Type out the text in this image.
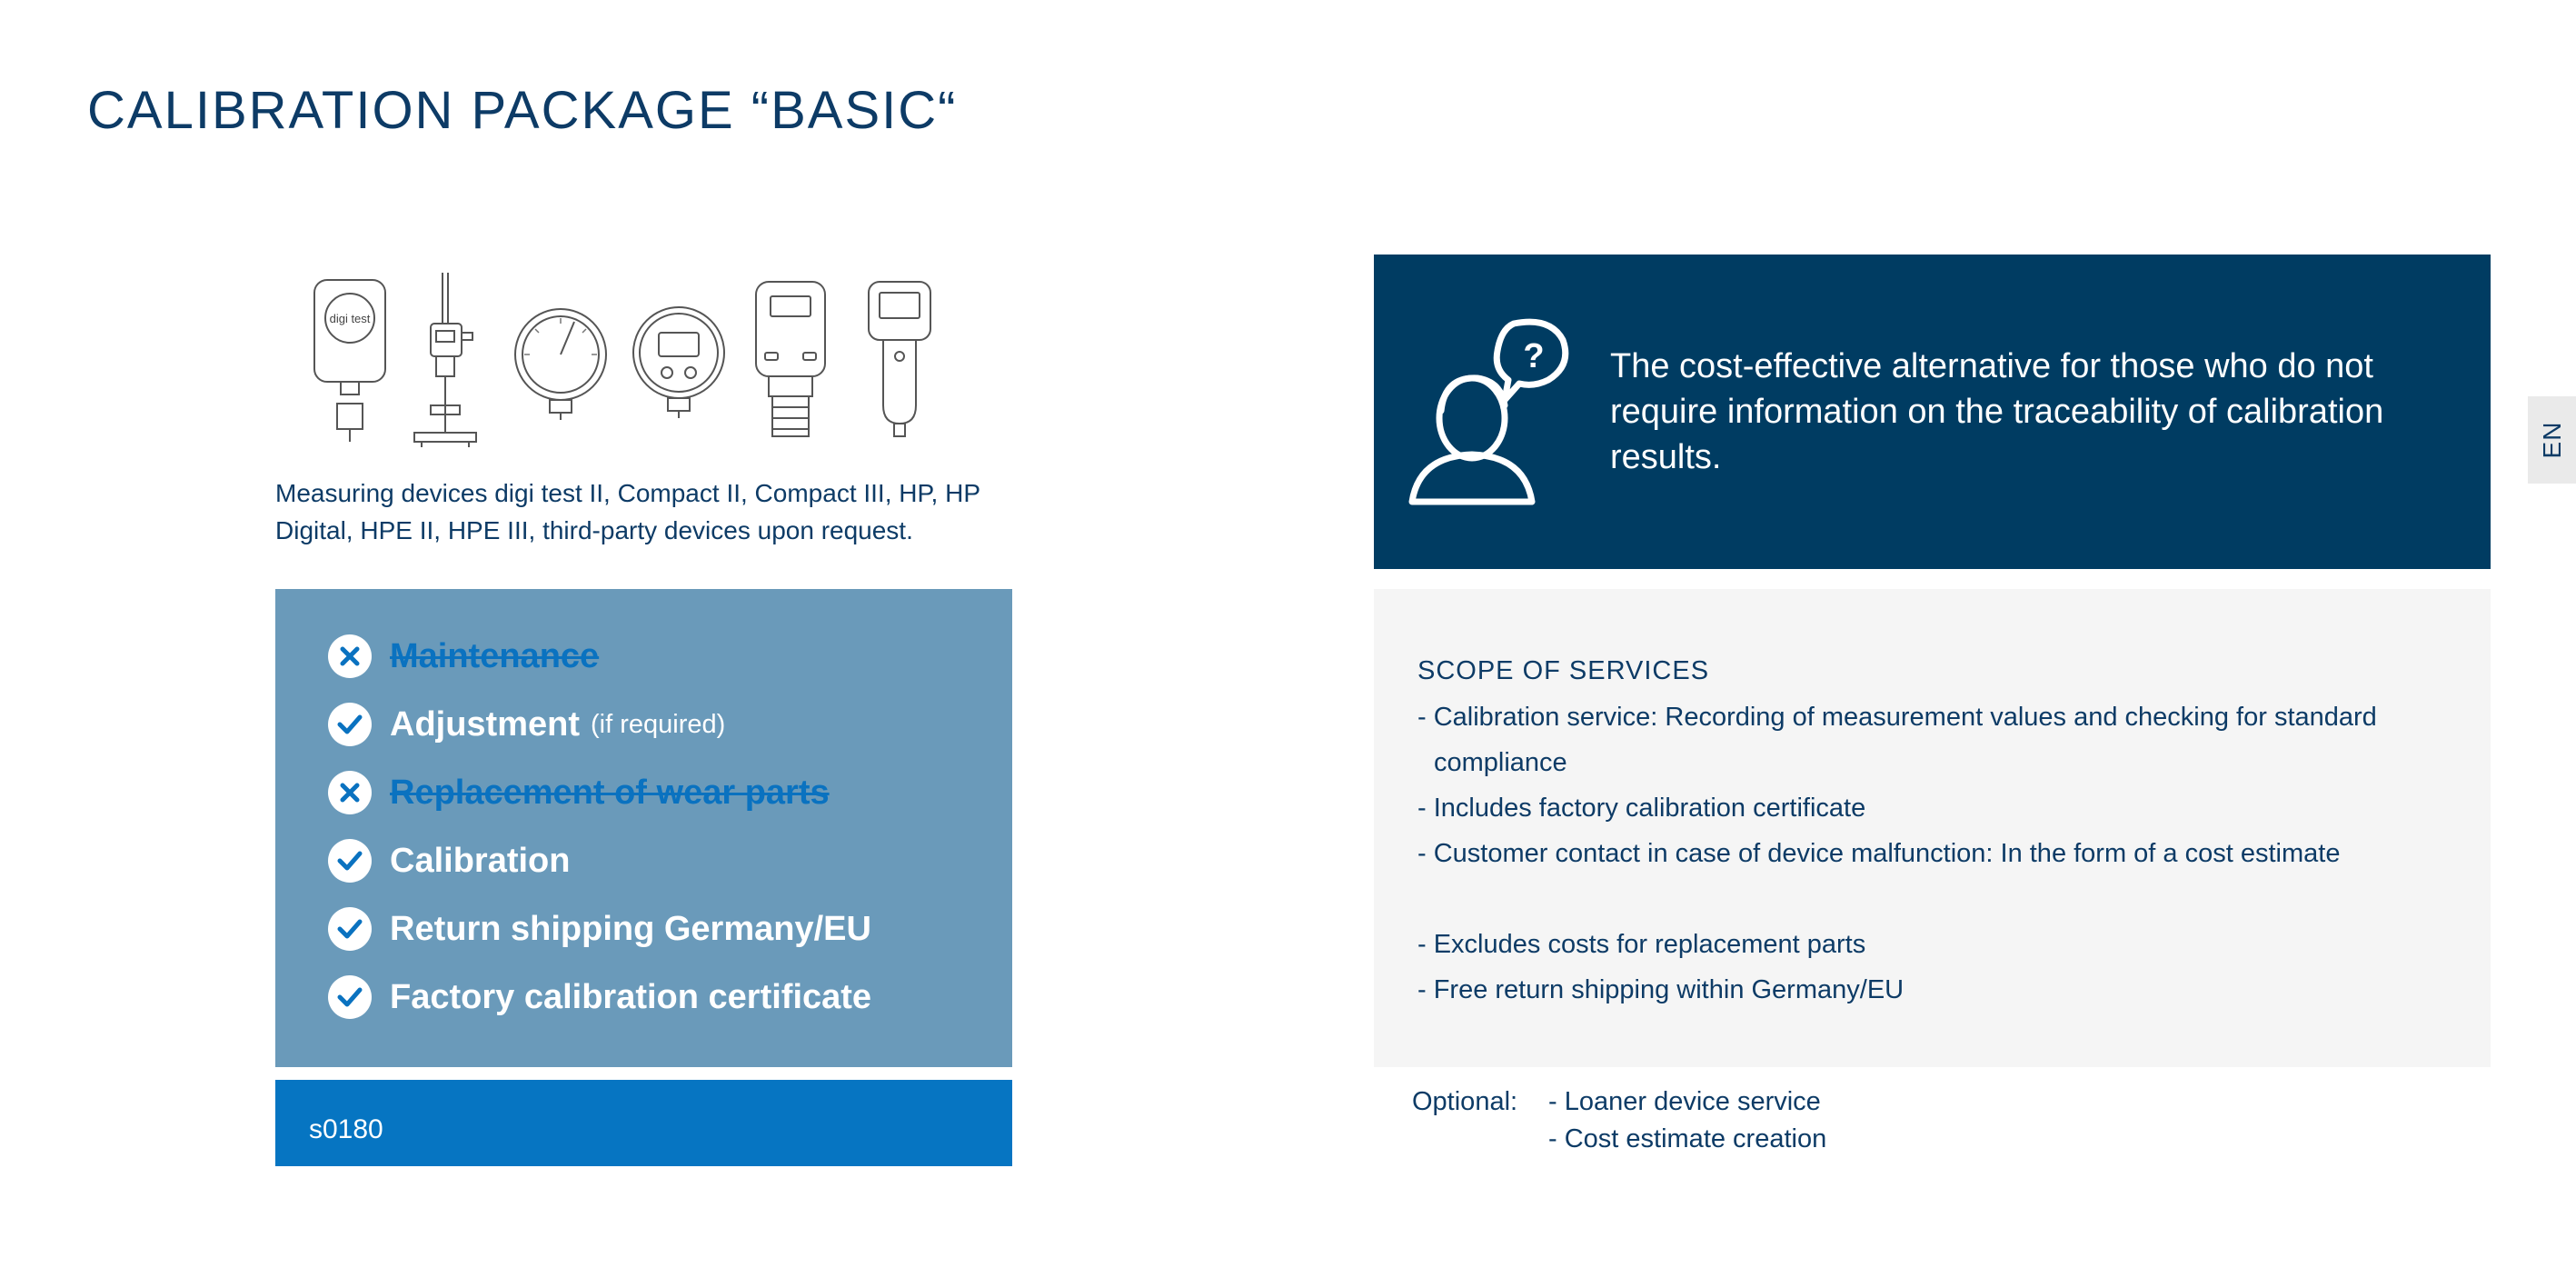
CALIBRATION PACKAGE “BASIC“
digi test
Measuring devices digi test II, Compact II, Compact III, HP, HP Digital, HPE II, HPE III, third-party devices upon request.
Maintenance
Adjustment (if required)
Replacement of wear parts
Calibration
Return shipping Germany/EU
Factory calibration certificate
s0180
? The cost-effective alternative for those who do not require information on the traceability of calibration results.
SCOPE OF SERVICES
- Calibration service: Recording of measurement values and checking for standard compliance
- Includes factory calibration certificate
- Customer contact in case of device malfunction: In the form of a cost estimate
- Excludes costs for replacement parts
- Free return shipping within Germany/EU
Optional: - Loaner device service
- Cost estimate creation
EN
